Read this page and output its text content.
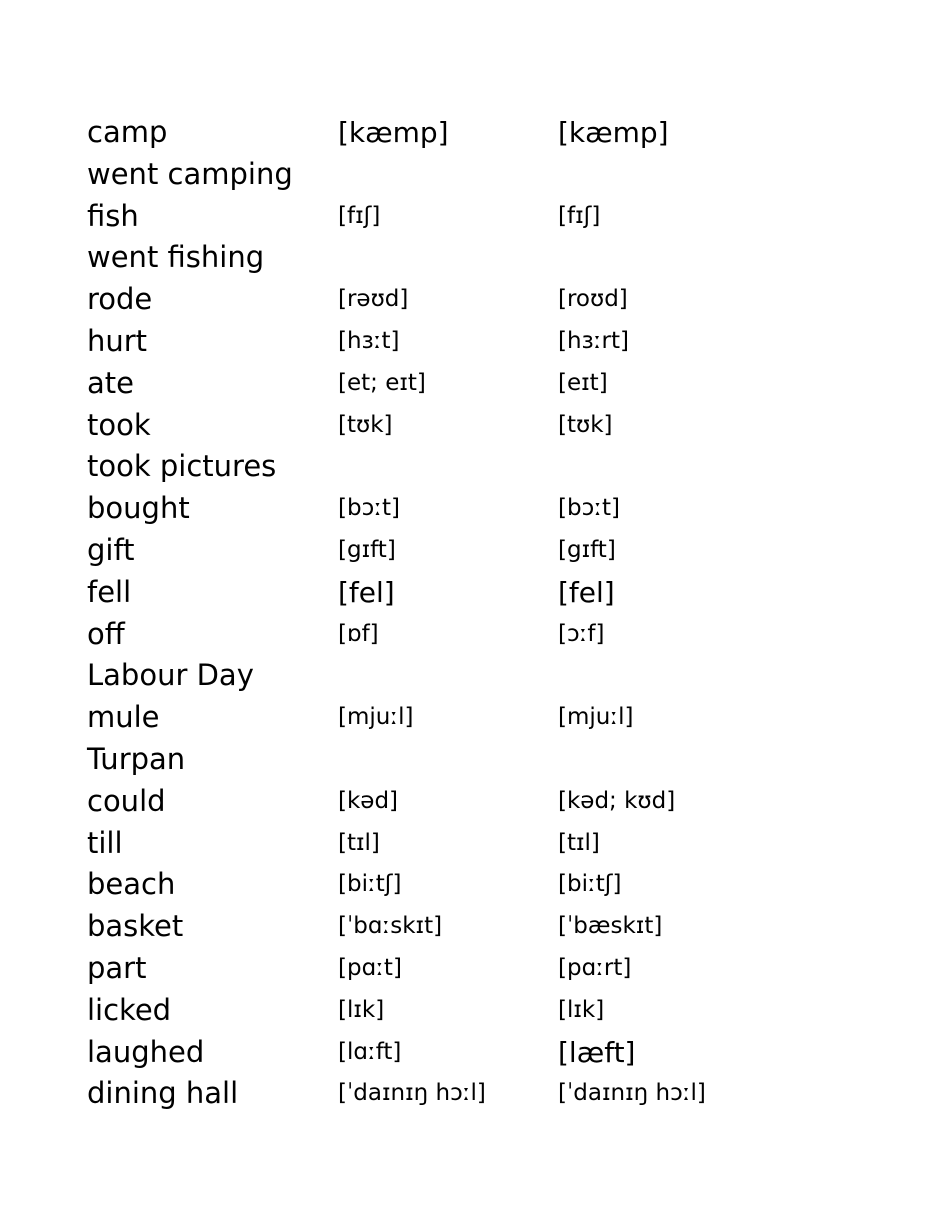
camp	[kæmp]	[kæmp]
went camping
fish	[fɪʃ]	[fɪʃ]
went fishing
rode	[rəʊd]	[roʊd]
hurt	[hɜːt]	[hɜːrt]
ate	[et; eɪt]	[eɪt]
took	[tʊk]	[tʊk]
took pictures
bought	[bɔːt]	[bɔːt]
gift	[gɪft]	[gɪft]
fell	[fel]	[fel]
off	[ɒf]	[ɔːf]
Labour Day
mule	[mjuːl]	[mjuːl]
Turpan
could	[kəd]	[kəd; kʊd]
till	[tɪl]	[tɪl]
beach	[biːtʃ]	[biːtʃ]
basket	[ˈbɑːskɪt]	[ˈbæskɪt]
part	[pɑːt]	[pɑːrt]
licked	[lɪk]	[lɪk]
laughed	[lɑːft]	[læft]
dining hall	[ˈdaɪnɪŋ hɔːl]	[ˈdaɪnɪŋ hɔːl]
